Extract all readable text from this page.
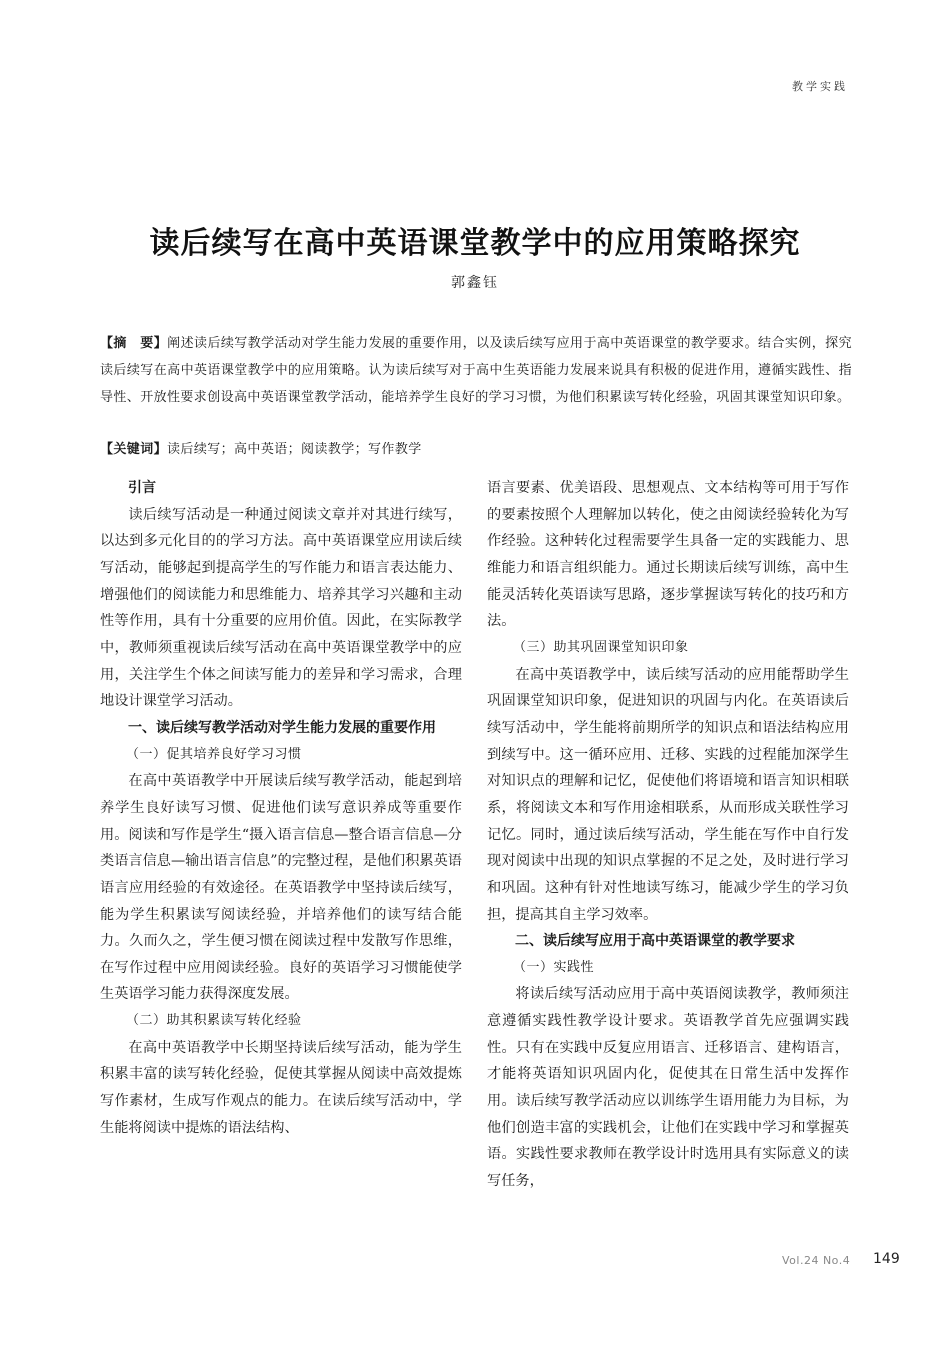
教学实践
读后续写在高中英语课堂教学中的应用策略探究
郭鑫钰
【摘　要】阐述读后续写教学活动对学生能力发展的重要作用，以及读后续写应用于高中英语课堂的教学要求。结合实例，探究读后续写在高中英语课堂教学中的应用策略。认为读后续写对于高中生英语能力发展来说具有积极的促进作用，遵循实践性、指导性、开放性要求创设高中英语课堂教学活动，能培养学生良好的学习习惯，为他们积累读写转化经验，巩固其课堂知识印象。
【关键词】读后续写；高中英语；阅读教学；写作教学

引言

读后续写活动是一种通过阅读文章并对其进行续写，以达到多元化目的的学习方法。高中英语课堂应用读后续写活动，能够起到提高学生的写作能力和语言表达能力、增强他们的阅读能力和思维能力、培养其学习兴趣和主动性等作用，具有十分重要的应用价值。因此，在实际教学中，教师须重视读后续写活动在高中英语课堂教学中的应用，关注学生个体之间读写能力的差异和学习需求，合理地设计课堂学习活动。

一、读后续写教学活动对学生能力发展的重要作用

（一）促其培养良好学习习惯

在高中英语教学中开展读后续写教学活动，能起到培养学生良好读写习惯、促进他们读写意识养成等重要作用。阅读和写作是学生“摄入语言信息—整合语言信息—分类语言信息—输出语言信息”的完整过程，是他们积累英语语言应用经验的有效途径。在英语教学中坚持读后续写，能为学生积累读写阅读经验，并培养他们的读写结合能力。久而久之，学生便习惯在阅读过程中发散写作思维，在写作过程中应用阅读经验。良好的英语学习习惯能使学生英语学习能力获得深度发展。

（二）助其积累读写转化经验

在高中英语教学中长期坚持读后续写活动，能为学生积累丰富的读写转化经验，促使其掌握从阅读中高效提炼写作素材，生成写作观点的能力。在读后续写活动中，学生能将阅读中提炼的语法结构、

语言要素、优美语段、思想观点、文本结构等可用于写作的要素按照个人理解加以转化，使之由阅读经验转化为写作经验。这种转化过程需要学生具备一定的实践能力、思维能力和语言组织能力。通过长期读后续写训练，高中生能灵活转化英语读写思路，逐步掌握读写转化的技巧和方法。

（三）助其巩固课堂知识印象

在高中英语教学中，读后续写活动的应用能帮助学生巩固课堂知识印象，促进知识的巩固与内化。在英语读后续写活动中，学生能将前期所学的知识点和语法结构应用到续写中。这一循环应用、迁移、实践的过程能加深学生对知识点的理解和记忆，促使他们将语境和语言知识相联系，将阅读文本和写作用途相联系，从而形成关联性学习记忆。同时，通过读后续写活动，学生能在写作中自行发现对阅读中出现的知识点掌握的不足之处，及时进行学习和巩固。这种有针对性地读写练习，能减少学生的学习负担，提高其自主学习效率。

二、读后续写应用于高中英语课堂的教学要求

（一）实践性

将读后续写活动应用于高中英语阅读教学，教师须注意遵循实践性教学设计要求。英语教学首先应强调实践性。只有在实践中反复应用语言、迁移语言、建构语言，才能将英语知识巩固内化，促使其在日常生活中发挥作用。读后续写教学活动应以训练学生语用能力为目标，为他们创造丰富的实践机会，让他们在实践中学习和掌握英语。实践性要求教师在教学设计时选用具有实际意义的读写任务，

Vol.24 No.4 149
